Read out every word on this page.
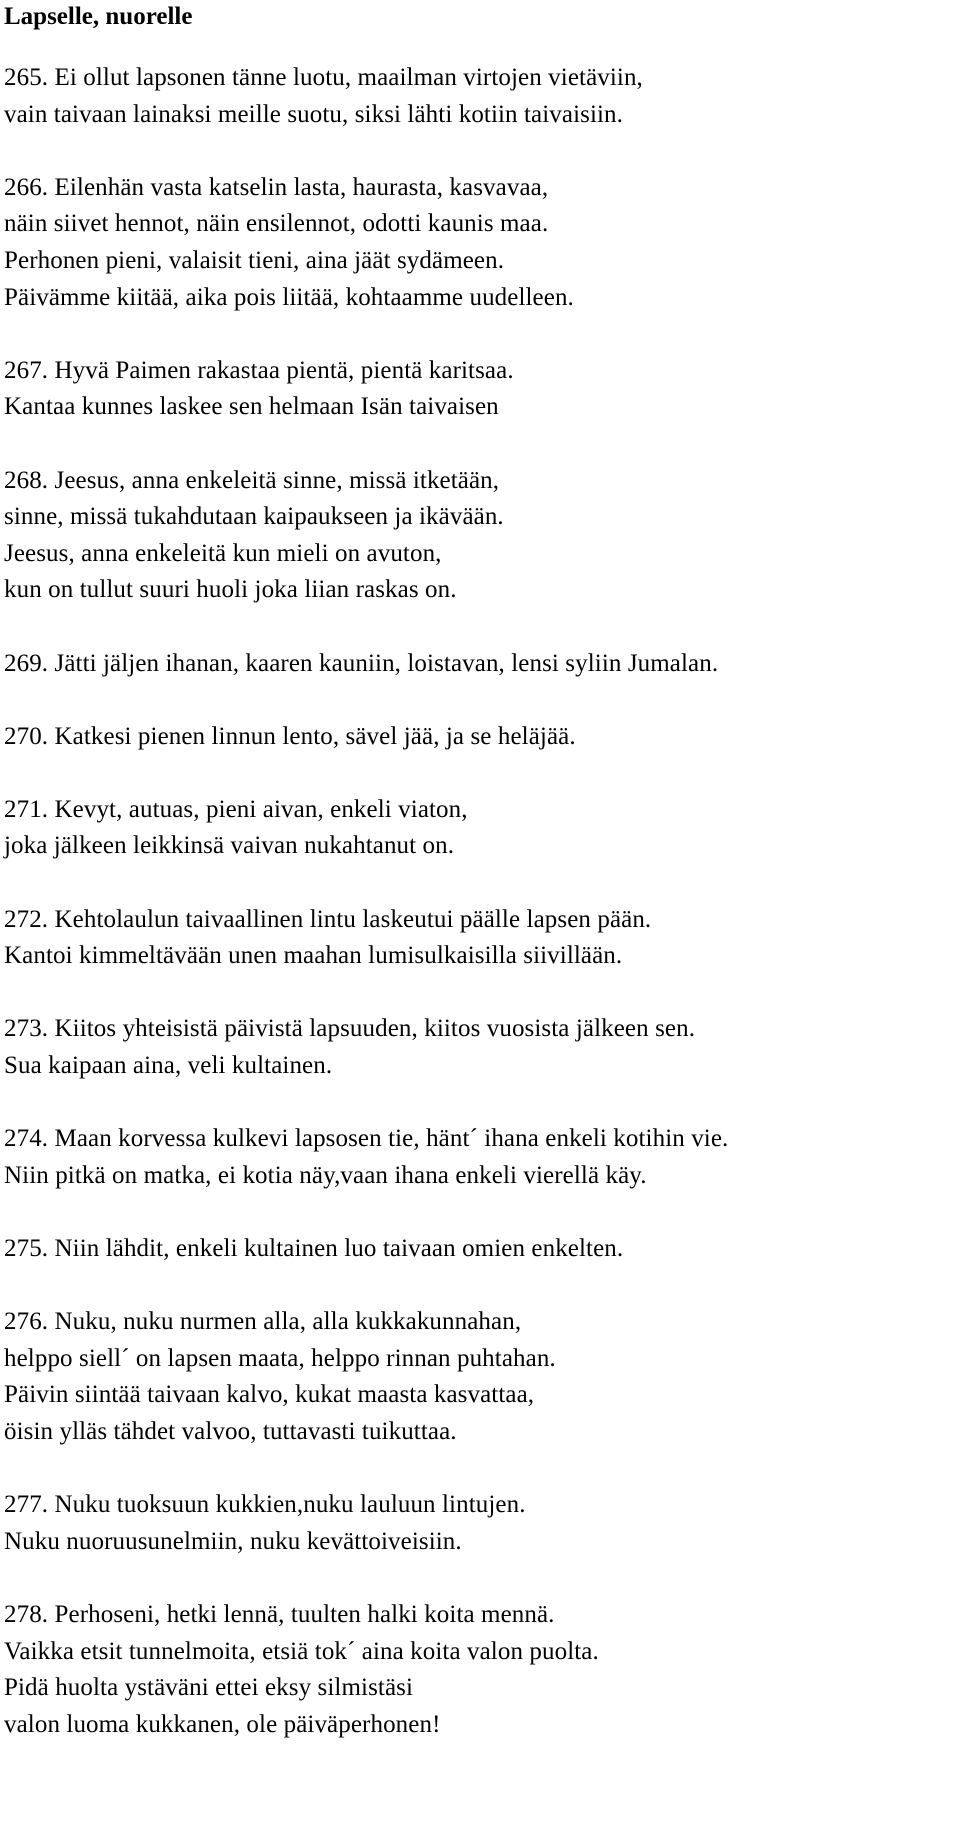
Lapselle, nuorelle
265. Ei ollut lapsonen tänne luotu, maailman virtojen vietäviin,
vain taivaan lainaksi meille suotu, siksi lähti kotiin taivaisiin.
266. Eilenhän vasta katselin lasta, haurasta, kasvavaa,
näin siivet hennot, näin ensilennot, odotti kaunis maa.
Perhonen pieni, valaisit tieni, aina jäät sydämeen.
Päivämme kiitää, aika pois liitää, kohtaamme uudelleen.
267. Hyvä Paimen rakastaa pientä, pientä karitsaa.
Kantaa kunnes laskee sen helmaan Isän taivaisen
268. Jeesus, anna enkeleitä sinne, missä itketään,
sinne, missä tukahdutaan kaipaukseen ja ikävään.
Jeesus, anna enkeleitä kun mieli on avuton,
kun on tullut suuri huoli joka liian raskas on.
269. Jätti jäljen ihanan, kaaren kauniin, loistavan, lensi syliin Jumalan.
270. Katkesi pienen linnun lento, sävel jää, ja se heläjää.
271. Kevyt, autuas, pieni aivan, enkeli viaton,
joka jälkeen leikkinsä vaivan nukahtanut on.
272. Kehtolaulun taivaallinen lintu laskeutui päälle lapsen pään.
Kantoi kimmeltävään unen maahan lumisulkaisilla siivillään.
273. Kiitos yhteisistä päivistä lapsuuden, kiitos vuosista jälkeen sen.
Sua kaipaan aina, veli kultainen.
274. Maan korvessa kulkevi lapsosen tie, hänt´ ihana enkeli kotihin vie.
Niin pitkä on matka, ei kotia näy,vaan ihana enkeli vierellä käy.
275. Niin lähdit, enkeli kultainen luo taivaan omien enkelten.
276. Nuku, nuku nurmen alla, alla kukkakunnahan,
helppo siell´ on lapsen maata, helppo rinnan puhtahan.
Päivin siintää taivaan kalvo, kukat maasta kasvattaa,
öisin ylläs tähdet valvoo, tuttavasti tuikuttaa.
277. Nuku tuoksuun kukkien,nuku lauluun lintujen.
Nuku nuoruusunelmiin, nuku kevättoiveisiin.
278. Perhoseni, hetki lennä, tuulten halki koita mennä.
Vaikka etsit tunnelmoita, etsiä tok´ aina koita valon puolta.
Pidä huolta ystäväni ettei eksy silmistäsi
valon luoma kukkanen, ole päiväperhonen!
